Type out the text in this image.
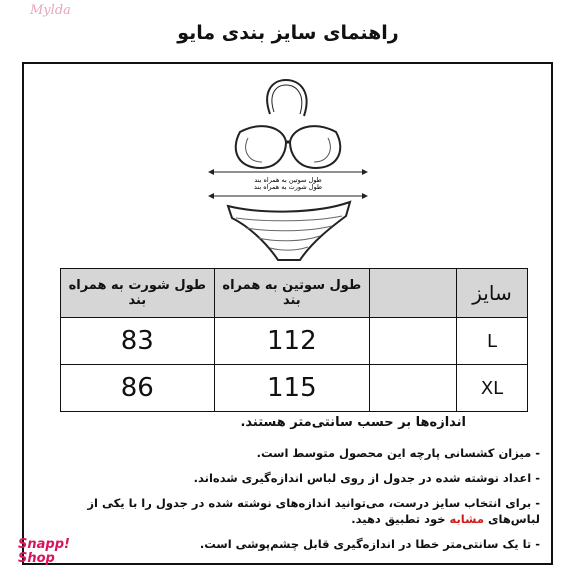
Mylda
راهنمای سایز بندی مایو
طول سوتین به همراه بند
طول شورت به همراه بند
سایز		طول سوتین به همراه بند	طول شورت به همراه بند
L		112	83
XL		115	86
اندازه‌ها بر حسب سانتی‌متر هستند.
- میزان کشسانی پارچه این محصول متوسط است.
- اعداد نوشته شده در جدول از روی لباس اندازه‌گیری شده‌اند.
- برای انتخاب سایز درست، می‌توانید اندازه‌های نوشته شده در جدول را با یکی از لباس‌های مشابه خود تطبیق دهید.
- تا یک سانتی‌متر خطا در اندازه‌گیری قابل چشم‌پوشی است.
Snapp!
Shop
